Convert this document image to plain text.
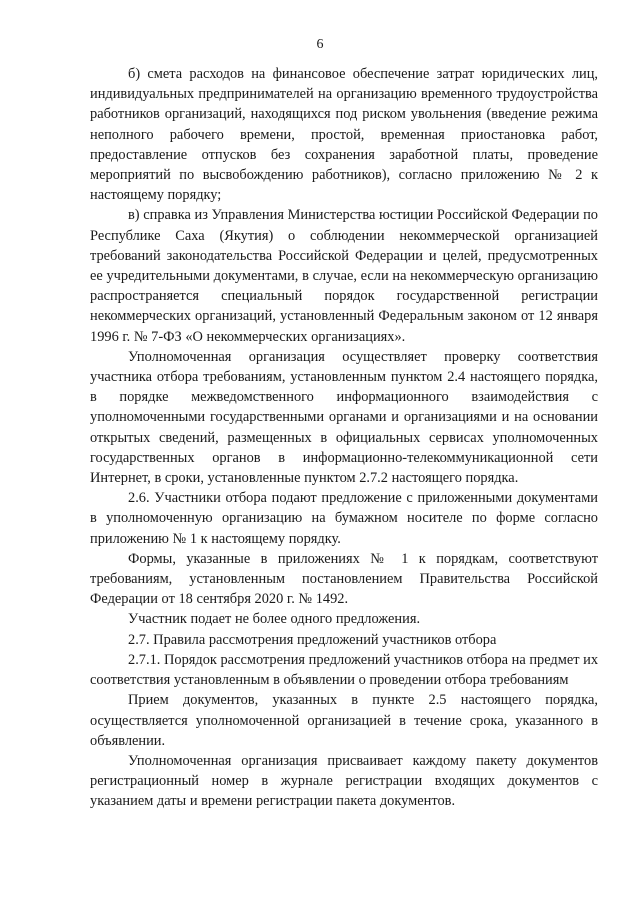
6

б) смета расходов на финансовое обеспечение затрат юридических лиц, индивидуальных предпринимателей на организацию временного трудоустройства работников организаций, находящихся под риском увольнения (введение режима неполного рабочего времени, простой, временная приостановка работ, предоставление отпусков без сохранения заработной платы, проведение мероприятий по высвобождению работников), согласно приложению № 2 к настоящему порядку;

в) справка из Управления Министерства юстиции Российской Федерации по Республике Саха (Якутия) о соблюдении некоммерческой организацией требований законодательства Российской Федерации и целей, предусмотренных ее учредительными документами, в случае, если на некоммерческую организацию распространяется специальный порядок государственной регистрации некоммерческих организаций, установленный Федеральным законом от 12 января 1996 г. № 7-ФЗ «О некоммерческих организациях».

Уполномоченная организация осуществляет проверку соответствия участника отбора требованиям, установленным пунктом 2.4 настоящего порядка, в порядке межведомственного информационного взаимодействия с уполномоченными государственными органами и организациями и на основании открытых сведений, размещенных в официальных сервисах уполномоченных государственных органов в информационно-телекоммуникационной сети Интернет, в сроки, установленные пунктом 2.7.2 настоящего порядка.

2.6. Участники отбора подают предложение с приложенными документами в уполномоченную организацию на бумажном носителе по форме согласно приложению № 1 к настоящему порядку.

Формы, указанные в приложениях № 1 к порядкам, соответствуют требованиям, установленным постановлением Правительства Российской Федерации от 18 сентября 2020 г. № 1492.

Участник подает не более одного предложения.

2.7. Правила рассмотрения предложений участников отбора

2.7.1. Порядок рассмотрения предложений участников отбора на предмет их соответствия установленным в объявлении о проведении отбора требованиям

Прием документов, указанных в пункте 2.5 настоящего порядка, осуществляется уполномоченной организацией в течение срока, указанного в объявлении.

Уполномоченная организация присваивает каждому пакету документов регистрационный номер в журнале регистрации входящих документов с указанием даты и времени регистрации пакета документов.
